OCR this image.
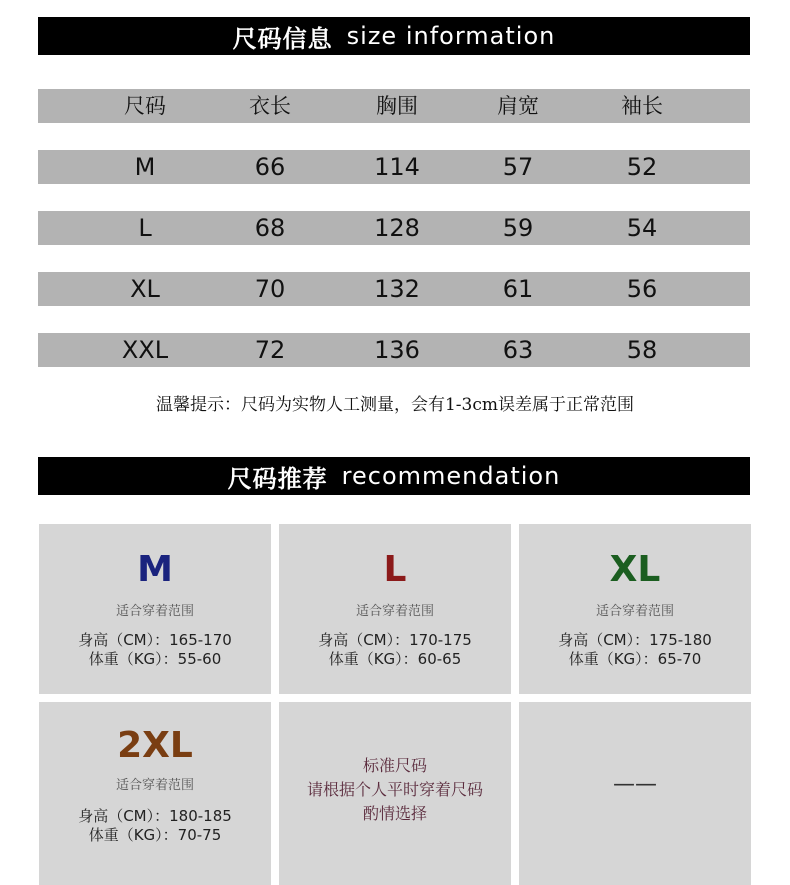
尺码信息 size information
尺码	衣长	胸围	肩宽	袖长
M	66	114	57	52
L	68	128	59	54
XL	70	132	61	56
XXL	72	136	63	58
温馨提示：尺码为实物人工测量，会有1-3cm误差属于正常范围
尺码推荐 recommendation
M
适合穿着范围
身高（CM）：165-170
体重（KG）：55-60
L
适合穿着范围
身高（CM）：170-175
体重（KG）：60-65
XL
适合穿着范围
身高（CM）：175-180
体重（KG）：65-70
2XL
适合穿着范围
身高（CM）：180-185
体重（KG）：70-75
标准尺码
请根据个人平时穿着尺码
酌情选择
——
